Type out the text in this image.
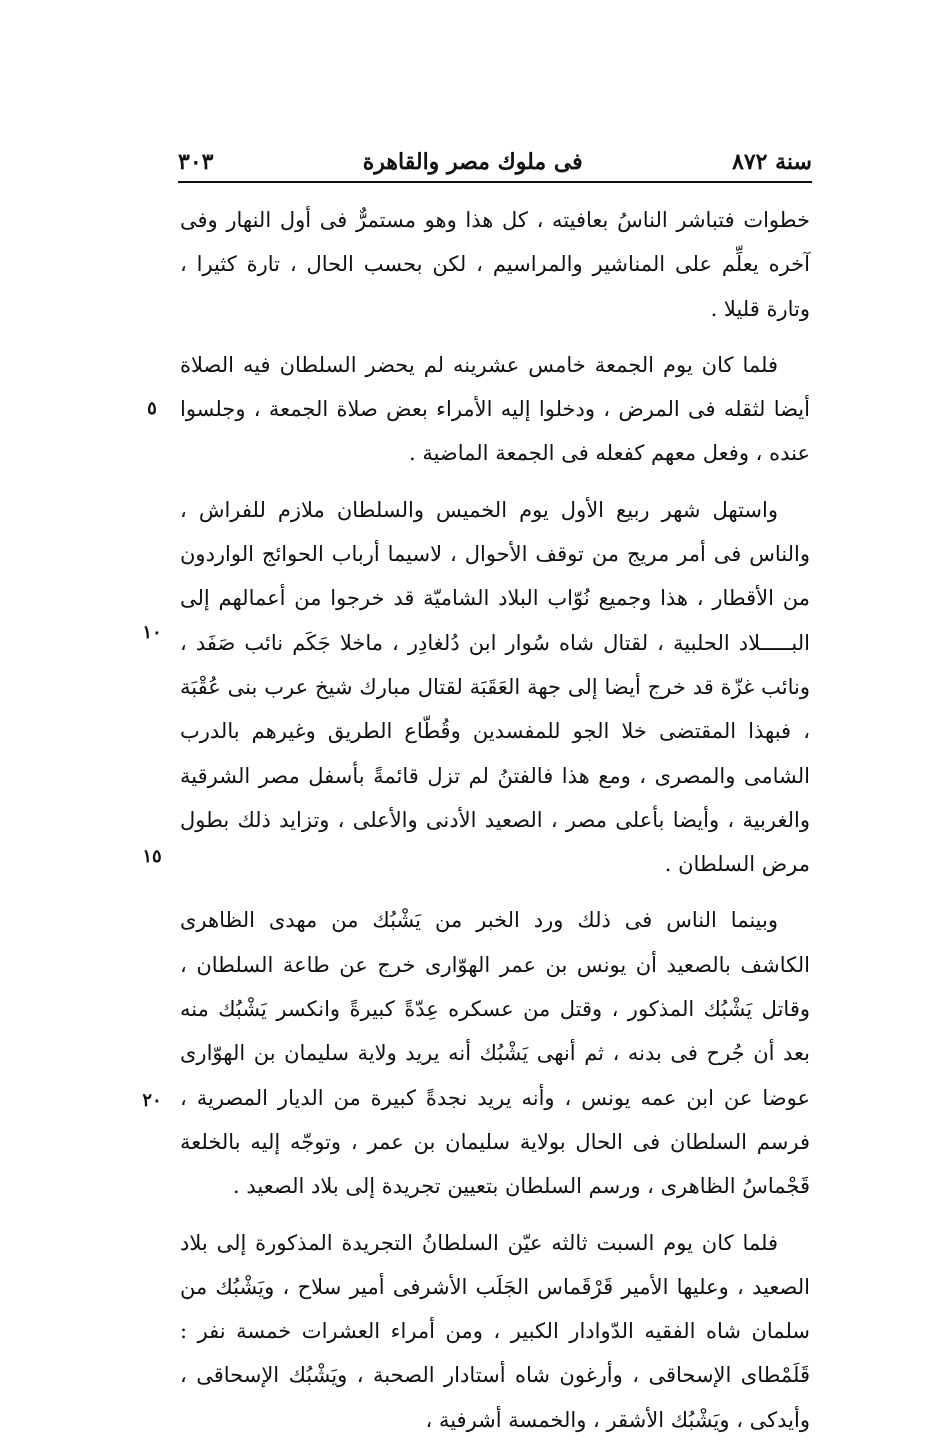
سنة ٨٧٢
فى ملوك مصر والقاهرة
٣٠٣

خطوات فتباشر الناسُ بعافيته ، كل هذا وهو مستمرٌّ فى أول النهار وفى آخره يعلِّم على المناشير والمراسيم ، لكن بحسب الحال ، تارة كثيرا ، وتارة قليلا .

فلما كان يوم الجمعة خامس عشرينه لم يحضر السلطان فيه الصلاة أيضا لثقله فى المرض ، ودخلوا إليه الأمراء بعض صلاة الجمعة ، وجلسوا عنده ، وفعل معهم كفعله فى الجمعة الماضية .

واستهل شهر ربيع الأول يوم الخميس والسلطان ملازم للفراش ، والناس فى أمر مريج من توقف الأحوال ، لاسيما أرباب الحوائج الواردون من الأقطار ، هذا وجميع نُوّاب البلاد الشاميّة قد خرجوا من أعمالهم إلى البـــــلاد الحلبية ، لقتال شاه سُوار ابن دُلغادِر ، ماخلا جَكَم نائب صَفَد ، ونائب غزّة قد خرج أيضا إلى جهة العَقَبَة لقتال مبارك شيخ عرب بنى عُقْبَة ، فبهذا المقتضى خلا الجو للمفسدين وقُطّاع الطريق وغيرهم بالدرب الشامى والمصرى ، ومع هذا فالفتنُ لم تزل قائمةً بأسفل مصر الشرقية والغربية ، وأيضا بأعلى مصر ، الصعيد الأدنى والأعلى ، وتزايد ذلك بطول مرض السلطان .

وبينما الناس فى ذلك ورد الخبر من يَشْبُك من مهدى الظاهرى الكاشف بالصعيد أن يونس بن عمر الهوّارى خرج عن طاعة السلطان ، وقاتل يَشْبُك المذكور ، وقتل من عسكره عِدّةً كبيرةً وانكسر يَشْبُك منه بعد أن جُرح فى بدنه ، ثم أنهى يَشْبُك أنه يريد ولاية سليمان بن الهوّارى عوضا عن ابن عمه يونس ، وأنه يريد نجدةً كبيرة من الديار المصرية ، فرسم السلطان فى الحال بولاية سليمان بن عمر ، وتوجّه إليه بالخلعة قَجْماسُ الظاهرى ، ورسم السلطان بتعيين تجريدة إلى بلاد الصعيد .

فلما كان يوم السبت ثالثه عيّن السلطانُ التجريدة المذكورة إلى بلاد الصعيد ، وعليها الأمير قَرْقَماس الجَلَب الأشرفى أمير سلاح ، ويَشْبُك من سلمان شاه الفقيه الدّوادار الكبير ، ومن أمراء العشرات خمسة نفر : قَلَمْطاى الإسحاقى ، وأرغون شاه أستادار الصحبة ، ويَشْبُك الإسحاقى ، وأيدكى ، ويَشْبُك الأشقر ، والخمسة أشرفية ،

٥
١٠
١٥
٢٠
